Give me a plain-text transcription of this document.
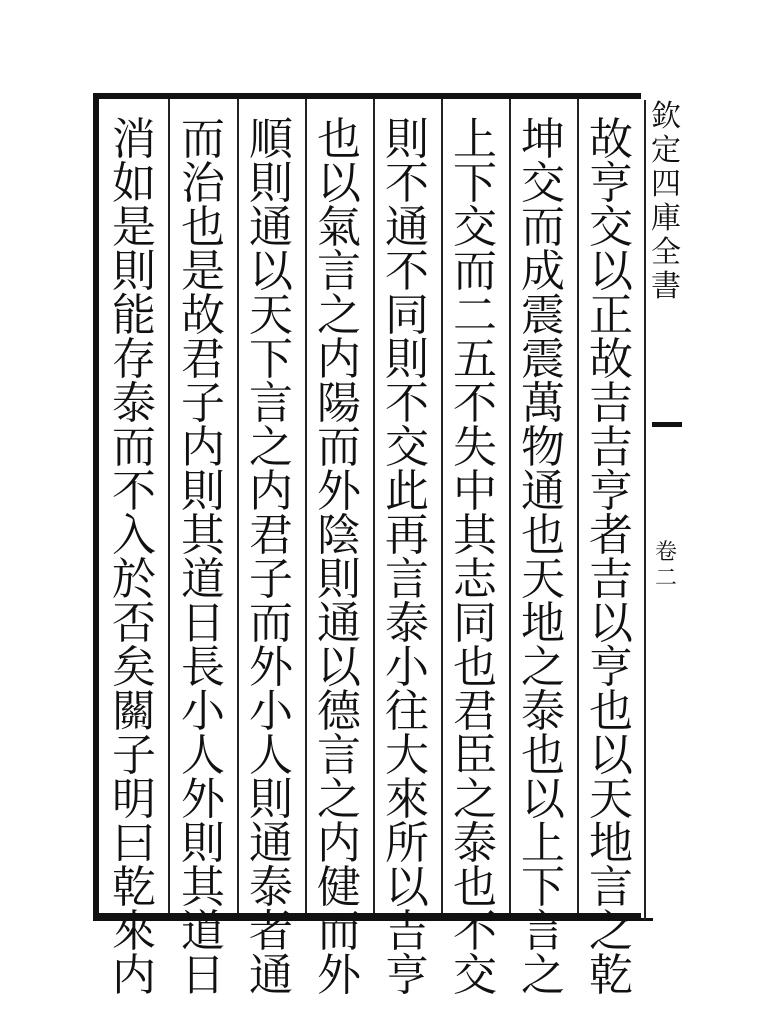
故
亨
交
以
正
故
吉
吉
亨
者
吉
以
亨
也
以
天
地
言
之
乾
坤
交
而
成
震
震
萬
物
通
也
天
地
之
泰
也
以
上
下
言
之
上
下
交
而
二
五
不
失
中
其
志
同
也
君
臣
之
泰
也
不
交
則
不
通
不
同
則
不
交
此
再
言
泰
小
往
大
來
所
以
吉
亨
也
以
氣
言
之
内
陽
而
外
陰
則
通
以
德
言
之
内
健
而
外
順
則
通
以
天
下
言
之
内
君
子
而
外
小
人
則
通
泰
者
通
而
治
也
是
故
君
子
内
則
其
道
日
長
小
人
外
則
其
道
日
消
如
是
則
能
存
泰
而
不
入
於
否
矣
關
子
明
曰
乾
來
内
欽
定
四
庫
全
書
卷
二
